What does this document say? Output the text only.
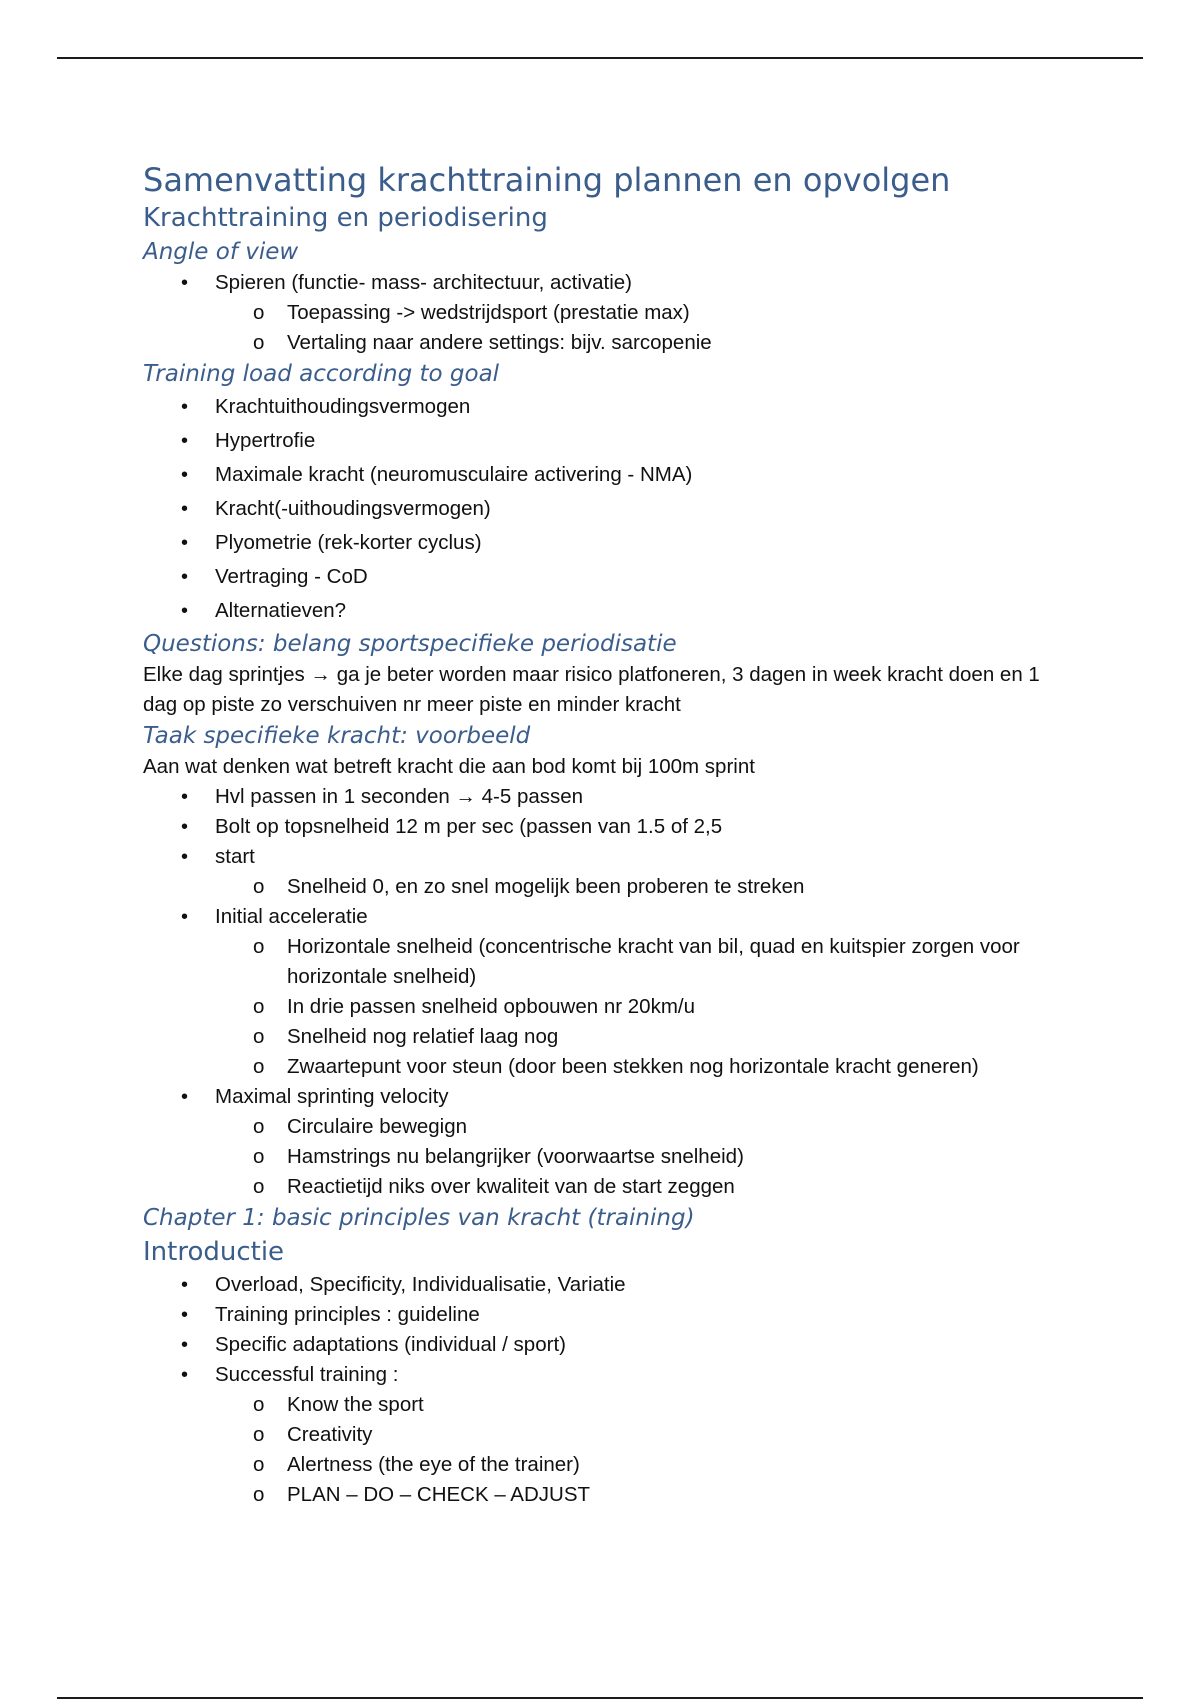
Samenvatting krachttraining plannen en opvolgen
Krachttraining en periodisering
Angle of view
• Spieren (functie- mass- architectuur, activatie)
o Toepassing -> wedstrijdsport (prestatie max)
o Vertaling naar andere settings: bijv. sarcopenie
Training load according to goal
• Krachtuithoudingsvermogen
• Hypertrofie
• Maximale kracht (neuromusculaire activering - NMA)
• Kracht(-uithoudingsvermogen)
• Plyometrie (rek-korter cyclus)
• Vertraging - CoD
• Alternatieven?
Questions: belang sportspecifieke periodisatie

Elke dag sprintjes → ga je beter worden maar risico platfoneren, 3 dagen in week kracht doen en 1 dag op piste zo verschuiven nr meer piste en minder kracht

Taak specifieke kracht: voorbeeld

Aan wat denken wat betreft kracht die aan bod komt bij 100m sprint

• Hvl passen in 1 seconden → 4-5 passen
• Bolt op topsnelheid 12 m per sec (passen van 1.5 of 2,5
• start
o Snelheid 0, en zo snel mogelijk been proberen te streken
• Initial acceleratie
o Horizontale snelheid (concentrische kracht van bil, quad en kuitspier zorgen voor horizontale snelheid)
o In drie passen snelheid opbouwen nr 20km/u
o Snelheid nog relatief laag nog
o Zwaartepunt voor steun (door been stekken nog horizontale kracht generen)
• Maximal sprinting velocity
o Circulaire bewegign
o Hamstrings nu belangrijker (voorwaartse snelheid)
o Reactietijd niks over kwaliteit van de start zeggen
Chapter 1: basic principles van kracht (training)
Introductie
• Overload, Specificity, Individualisatie, Variatie
• Training principles : guideline
• Specific adaptations (individual / sport)
• Successful training :
o Know the sport
o Creativity
o Alertness (the eye of the trainer)
o PLAN – DO – CHECK – ADJUST
